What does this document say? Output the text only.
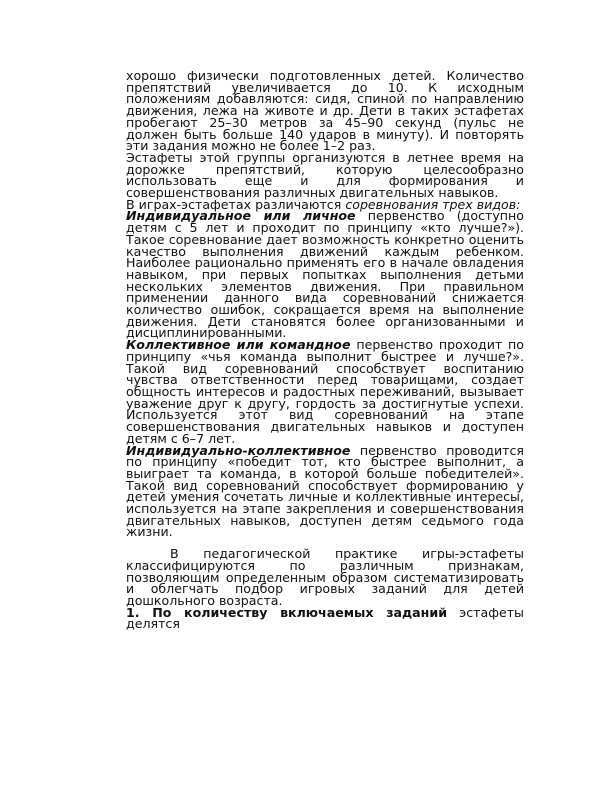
хорошо физически подготовленных детей. Количество препятствий увеличивается до 10. К исходным положениям добавляются: сидя, спиной по направлению движения, лежа на животе и др. Дети в таких эстафетах пробегают 25–30 метров за 45–90 секунд (пульс не должен быть больше 140 ударов в минуту). И повторять эти задания можно не более 1–2 раз.

Эстафеты этой группы организуются в летнее время на дорожке препятствий, которую целесообразно использовать еще и для формирования и совершенствования различных двигательных навыков.

В играх-эстафетах различаются соревнования трех видов:

Индивидуальное или личное первенство (доступно детям с 5 лет и проходит по принципу «кто лучше?»). Такое соревнование дает возможность конкретно оценить качество выполнения движений каждым ребенком. Наиболее рационально применять его в начале овладения навыком, при первых попытках выполнения детьми нескольких элементов движения. При правильном применении данного вида соревнований снижается количество ошибок, сокращается время на выполнение движения. Дети становятся более организованными и дисциплинированными.

Коллективное или командное первенство проходит по принципу «чья команда выполнит быстрее и лучше?». Такой вид соревнований способствует воспитанию чувства ответственности перед товарищами, создает общность интересов и радостных переживаний, вызывает уважение друг к другу, гордость за достигнутые успехи. Используется этот вид соревнований на этапе совершенствования двигательных навыков и доступен детям с 6–7 лет.

Индивидуально-коллективное первенство проводится по принципу «победит тот, кто быстрее выполнит, а выиграет та команда, в которой больше победителей». Такой вид соревнований способствует формированию у детей умения сочетать личные и коллективные интересы, используется на этапе закрепления и совершенствования двигательных навыков, доступен детям седьмого года жизни.

В педагогической практике игры-эстафеты классифицируются по различным признакам, позволяющим определенным образом систематизировать и облегчать подбор игровых заданий для детей дошкольного возраста.

1. По количеству включаемых заданий эстафеты делятся
